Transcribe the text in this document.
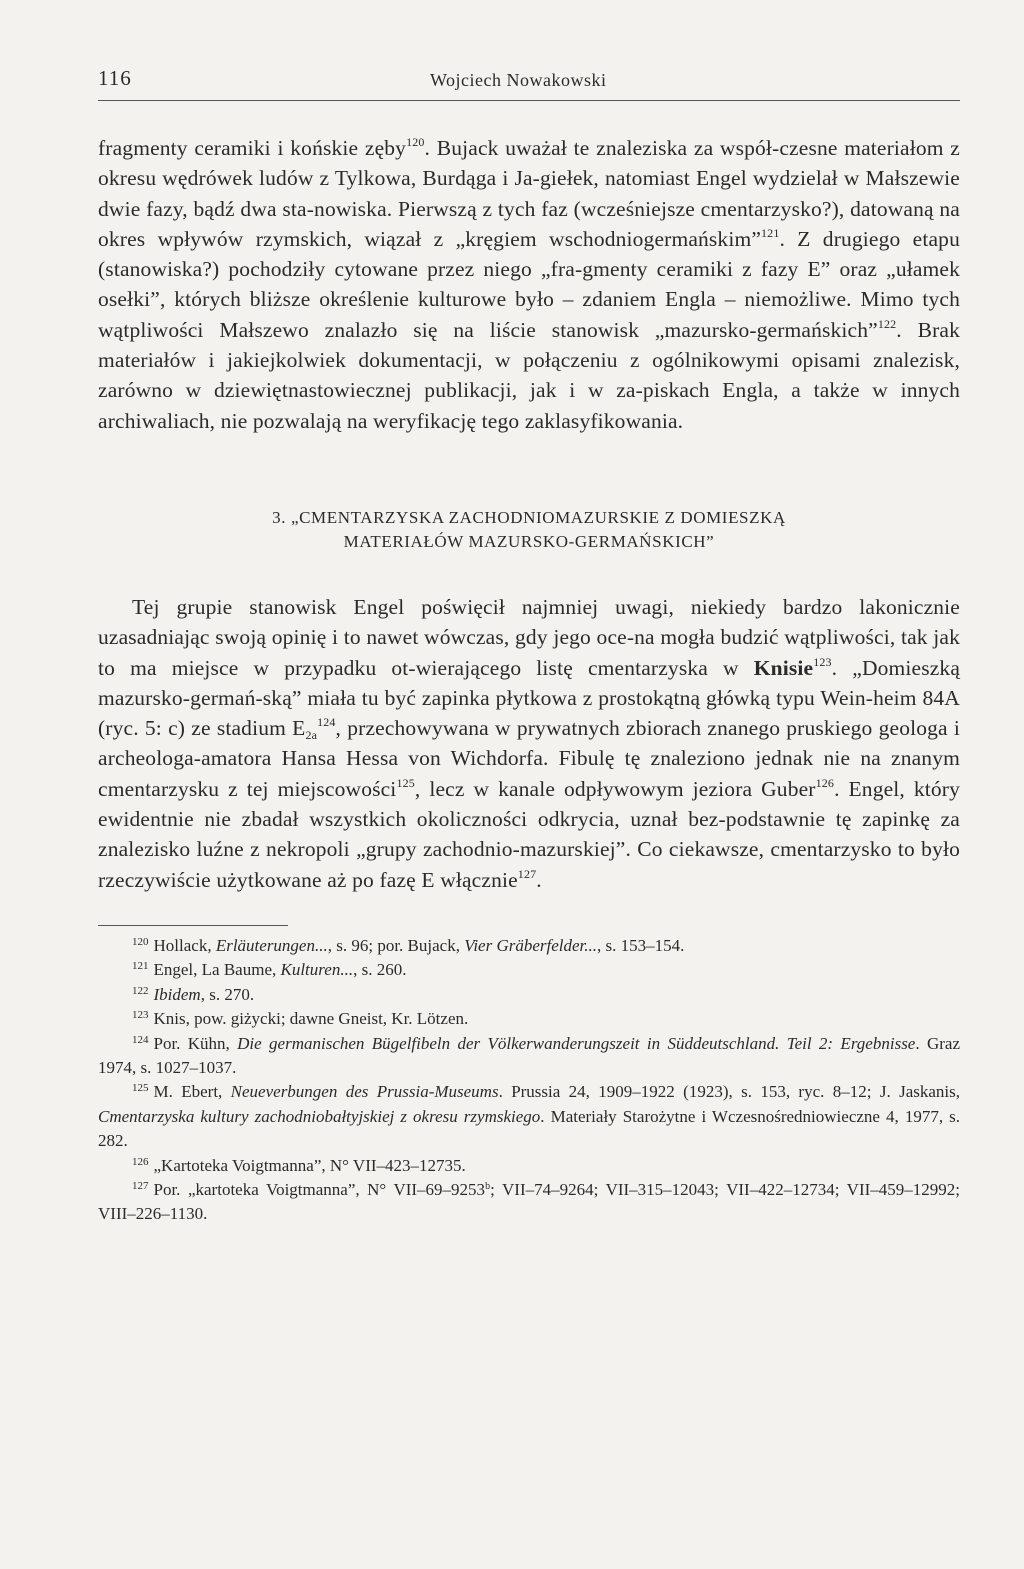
116	Wojciech Nowakowski

fragmenty ceramiki i końskie zęby$^{120}$. Bujack uważał te znaleziska za współ-czesne materiałom z okresu wędrówek ludów z Tylkowa, Burdąga i Ja-giełek, natomiast Engel wydzielał w Małszewie dwie fazy, bądź dwa sta-nowiska. Pierwszą z tych faz (wcześniejsze cmentarzysko?), datowaną na okres wpływów rzymskich, wiązał z „kręgiem wschodniogermańskim”$^{121}$. Z drugiego etapu (stanowiska?) pochodziły cytowane przez niego „fra-gmenty ceramiki z fazy E” oraz „ułamek osełki”, których bliższe określenie kulturowe było – zdaniem Engla – niemożliwe. Mimo tych wątpliwości Małszewo znalazło się na liście stanowisk „mazursko-germańskich”$^{122}$. Brak materiałów i jakiejkolwiek dokumentacji, w połączeniu z ogólnikowymi opisami znalezisk, zarówno w dziewiętnastowiecznej publikacji, jak i w za-piskach Engla, a także w innych archiwaliach, nie pozwalają na weryfikację tego zaklasyfikowania.

3. „CMENTARZYSKA ZACHODNIOMAZURSKIE Z DOMIESZKĄ
MATERIAŁÓW MAZURSKO-GERMAŃSKICH”

Tej grupie stanowisk Engel poświęcił najmniej uwagi, niekiedy bardzo lakonicznie uzasadniając swoją opinię i to nawet wówczas, gdy jego oce-na mogła budzić wątpliwości, tak jak to ma miejsce w przypadku ot-wierającego listę cmentarzyska w Knisie$^{123}$. „Domieszką mazursko-germań-ską” miała tu być zapinka płytkowa z prostokątną główką typu Wein-heim 84A (ryc. 5: c) ze stadium $E_{2a}^{124}$, przechowywana w prywatnych zbiorach znanego pruskiego geologa i archeologa-amatora Hansa Hessa von Wichdorfa. Fibulę tę znaleziono jednak nie na znanym cmentarzysku z tej miejscowości$^{125}$, lecz w kanale odpływowym jeziora Guber$^{126}$. Engel, który ewidentnie nie zbadał wszystkich okoliczności odkrycia, uznał bez-podstawnie tę zapinkę za znalezisko luźne z nekropoli „grupy zachodnio-mazurskiej”. Co ciekawsze, cmentarzysko to było rzeczywiście użytkowane aż po fazę E włącznie$^{127}$.

$^{120}$ Hollack, Erläuterungen..., s. 96; por. Bujack, Vier Gräberfelder..., s. 153–154.
$^{121}$ Engel, La Baume, Kulturen..., s. 260.
$^{122}$ Ibidem, s. 270.
$^{123}$ Knis, pow. giżycki; dawne Gneist, Kr. Lötzen.
$^{124}$ Por. Kühn, Die germanischen Bügelfibeln der Völkerwanderungszeit in Süddeutschland. Teil 2: Ergebnisse. Graz 1974, s. 1027–1037.
$^{125}$ M. Ebert, Neueverbungen des Prussia-Museums. Prussia 24, 1909–1922 (1923), s. 153, ryc. 8–12; J. Jaskanis, Cmentarzyska kultury zachodniobałtyjskiej z okresu rzymskiego. Materiały Starożytne i Wczesnośredniowieczne 4, 1977, s. 282.
$^{126}$ „Kartoteka Voigtmanna”, N° VII–423–12735.
$^{127}$ Por. „kartoteka Voigtmanna”, N° VII–69–9253$^b$; VII–74–9264; VII–315–12043; VII–422–12734; VII–459–12992; VIII–226–1130.
